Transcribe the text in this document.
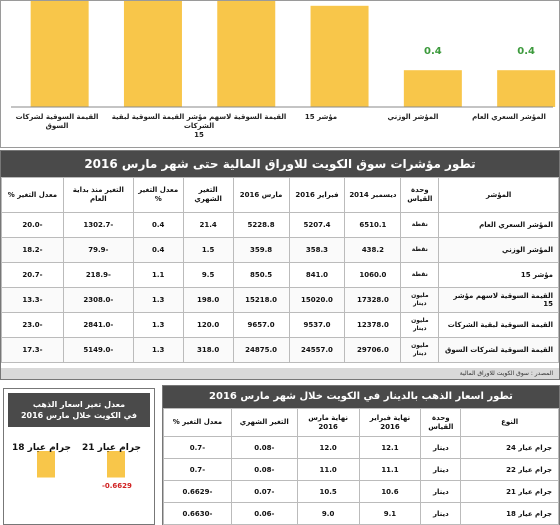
0.4
0.4
المؤشر السعري العام
المؤشر الوزني
مؤشر 15
القيمة السوقية لاسهم مؤشر القيمة السوقية لبقية الشركات
15
القيمة السوقية لشركات
السوق
تطور مؤشرات سوق الكويت للاوراق المالية حتى شهر مارس 2016
المؤشر	وحدة القياس	ديسمبر 2014	فبراير 2016	مارس 2016	التغير الشهري	معدل التغير %	التغير منذ بداية العام	معدل التغير %
المؤشر السعري العام	نقطة	6510.1	5207.4	5228.8	21.4	0.4	-1302.7	-20.0
المؤشر الوزني	نقطة	438.2	358.3	359.8	1.5	0.4	-79.9	-18.2
مؤشر 15	نقطة	1060.0	841.0	850.5	9.5	1.1	-218.9	-20.7
القيمة السوقية لاسهم مؤشر 15	مليون دينار	17328.0	15020.0	15218.0	198.0	1.3	-2308.0	-13.3
القيمة السوقية لبقية الشركات	مليون دينار	12378.0	9537.0	9657.0	120.0	1.3	-2841.0	-23.0
القيمة السوقية لشركات السوق	مليون دينار	29706.0	24557.0	24875.0	318.0	1.3	-5149.0	-17.3
المصدر : سوق الكويت للاوراق المالية
معدل تغير اسعار الذهب
في الكويت خلال مارس 2016
جرام عيار 21
-0.6629
جرام عيار 18
تطور اسعار الذهب بالدينار في الكويت خلال شهر مارس 2016
النوع	وحدة القياس	نهاية فبراير 2016	نهاية مارس 2016	التغير الشهري	معدل التغير %
جرام عيار 24	دينار	12.1	12.0	-0.08	-0.7
جرام عيار 22	دينار	11.1	11.0	-0.08	-0.7
جرام عيار 21	دينار	10.6	10.5	-0.07	-0.6629
جرام عيار 18	دينار	9.1	9.0	-0.06	-0.6630
